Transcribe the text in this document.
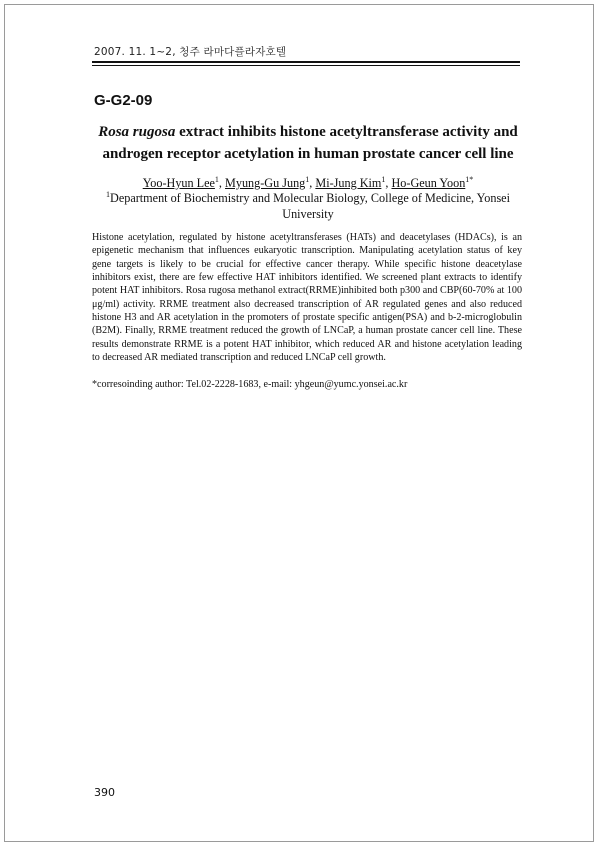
2007. 11. 1~2, 청주 라마다플라자호텔
G-G2-09
Rosa rugosa extract inhibits histone acetyltransferase activity and androgen receptor acetylation in human prostate cancer cell line
Yoo-Hyun Lee$^1$, Myung-Gu Jung$^1$, Mi-Jung Kim$^1$, Ho-Geun Yoon$^{1*}$
$^1$Department of Biochemistry and Molecular Biology, College of Medicine, Yonsei University

Histone acetylation, regulated by histone acetyltransferases (HATs) and deacetylases (HDACs), is an epigenetic mechanism that influences eukaryotic transcription. Manipulating acetylation status of key gene targets is likely to be crucial for effective cancer therapy. While specific histone deacetylase inhibitors exist, there are few effective HAT inhibitors identified. We screened plant extracts to identify potent HAT inhibitors. Rosa rugosa methanol extract(RRME)inhibited both p300 and CBP(60-70% at 100 μg/ml) activity. RRME treatment also decreased transcription of AR regulated genes and also reduced histone H3 and AR acetylation in the promoters of prostate specific antigen(PSA) and b-2-microglobulin (B2M). Finally, RRME treatment reduced the growth of LNCaP, a human prostate cancer cell line. These results demonstrate RRME is a potent HAT inhibitor, which reduced AR and histone acetylation leading to decreased AR mediated transcription and reduced LNCaP cell growth.

*corresoinding author: Tel.02-2228-1683, e-mail: yhgeun@yumc.yonsei.ac.kr
390
